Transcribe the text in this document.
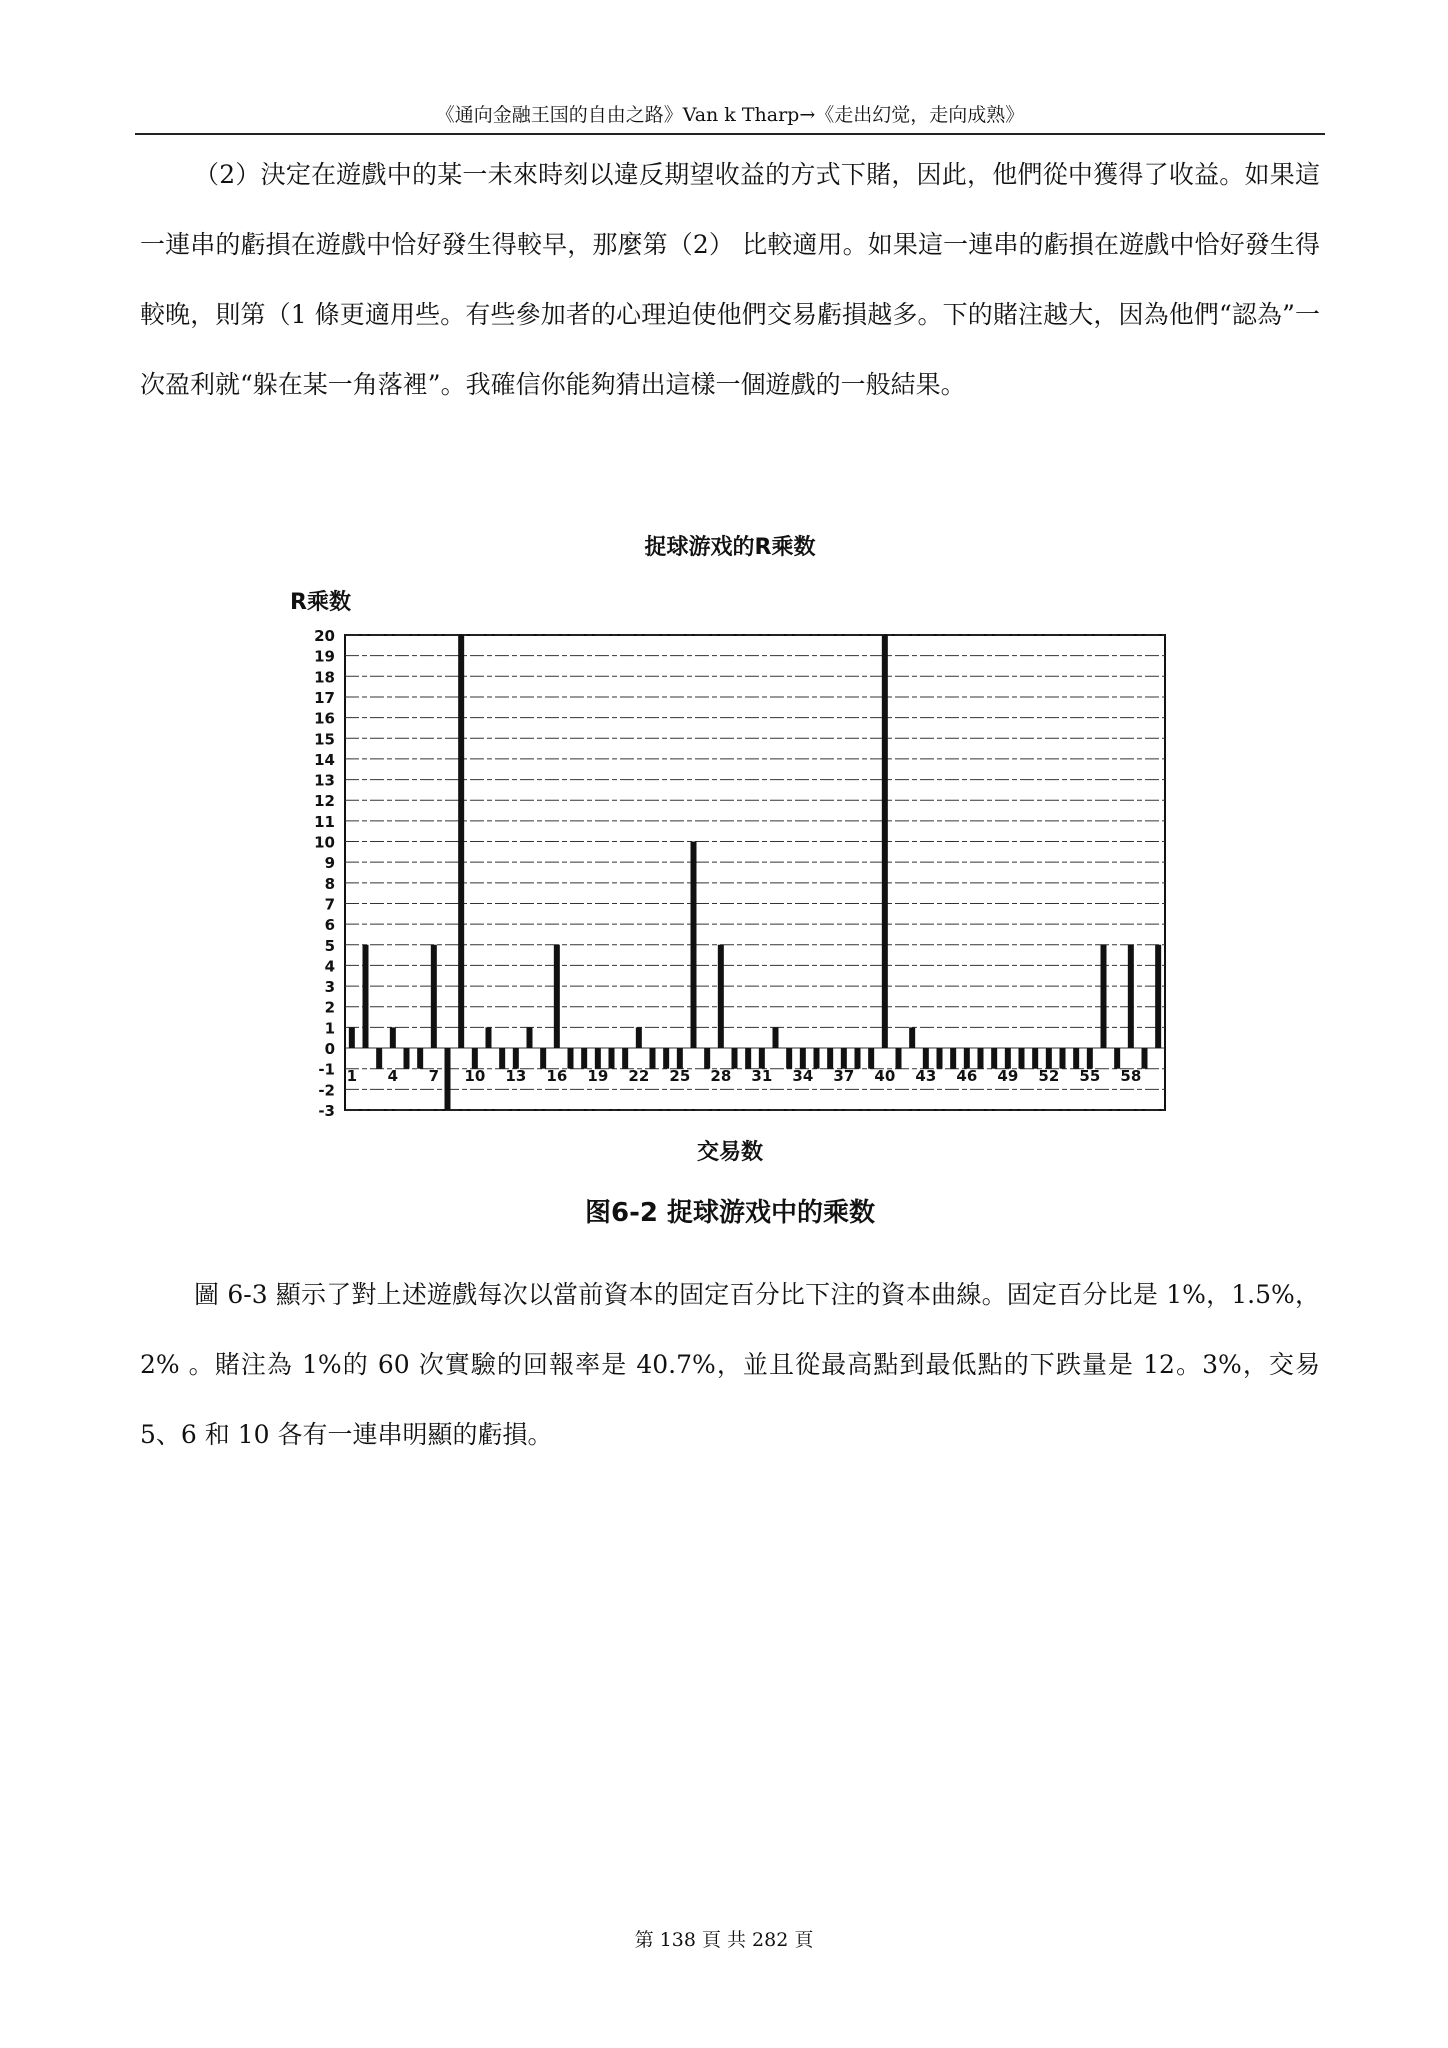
《通向金融王国的自由之路》Van k Tharp→《走出幻觉，走向成熟》
（2）決定在遊戲中的某一未來時刻以違反期望收益的方式下賭，因此，他們從中獲得了收益。如果這一連串的虧損在遊戲中恰好發生得較早，那麼第（2） 比較適用。如果這一連串的虧損在遊戲中恰好發生得較晚，則第（1 條更適用些。有些參加者的心理迫使他們交易虧損越多。下的賭注越大，因為他們“認為”一次盈利就“躲在某一角落裡”。我確信你能夠猜出這樣一個遊戲的一般結果。
捉球游戏的R乘数
R乘数
20
19
18
17
16
15
14
13
12
11
10
9
8
7
6
5
4
3
2
1
0
-1
-2
-3
1 4 7 10 13 16 19 22 25 28 31 34 37 40 43 46 49 52 55 58
交易数
图6-2 捉球游戏中的乘数
圖 6-3 顯示了對上述遊戲每次以當前資本的固定百分比下注的資本曲線。固定百分比是 1%，1.5%，2% 。賭注為 1%的 60 次實驗的回報率是 40.7%，並且從最高點到最低點的下跌量是 12。3%，交易 5、6 和 10 各有一連串明顯的虧損。
第 138 頁 共 282 頁
